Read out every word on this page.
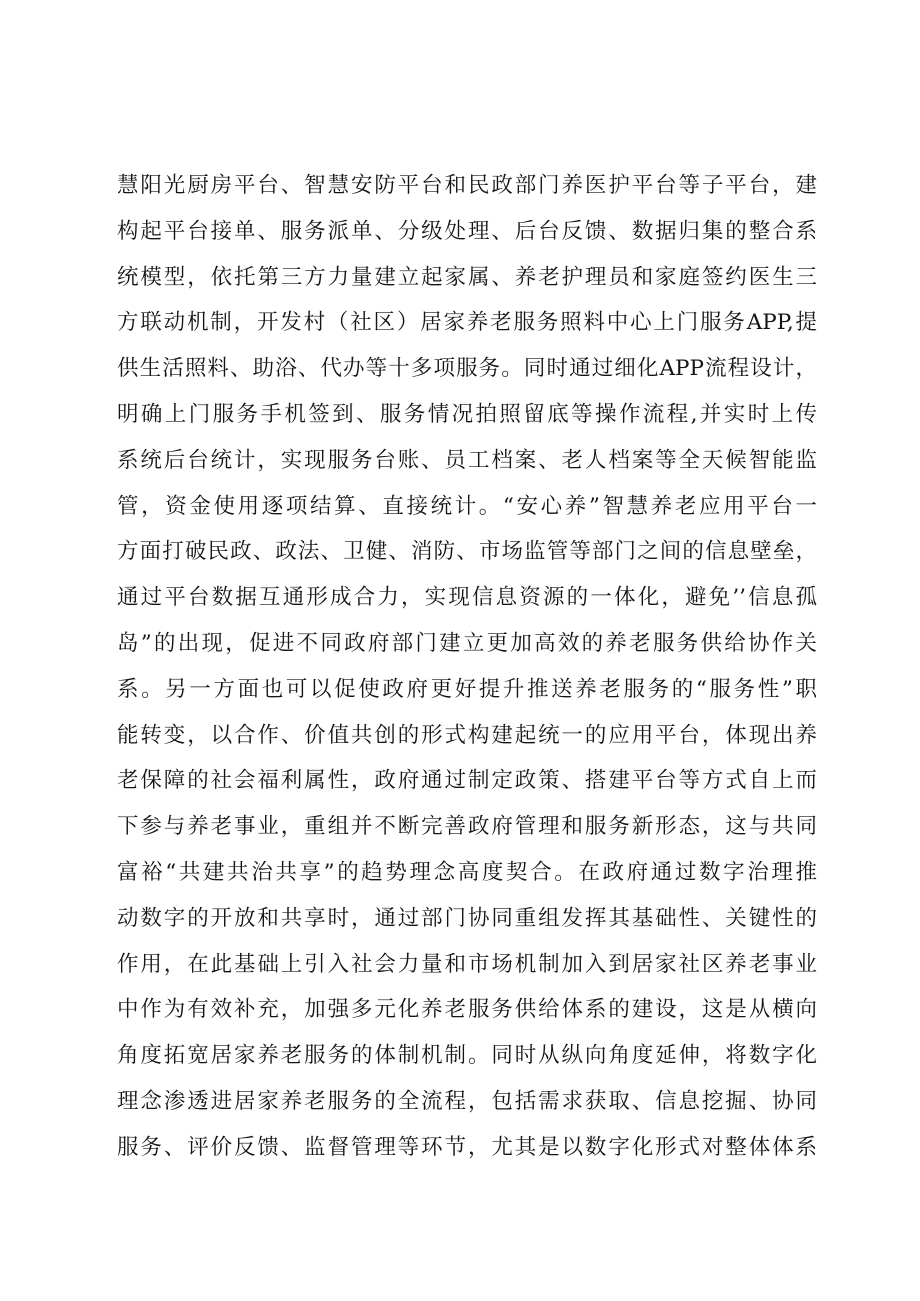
慧阳光厨房平台、智慧安防平台和民政部门养医护平台等子平台，建
构起平台接单、服务派单、分级处理、后台反馈、数据归集的整合系
统模型，依托第三方力量建立起家属、养老护理员和家庭签约医生三
方联动机制，开发村（社区）居家养老服务照料中心上门服务APP,提
供生活照料、助浴、代办等十多项服务。同时通过细化APP流程设计，
明确上门服务手机签到、服务情况拍照留底等操作流程,并实时上传
系统后台统计，实现服务台账、员工档案、老人档案等全天候智能监
管，资金使用逐项结算、直接统计。“安心养”智慧养老应用平台一
方面打破民政、政法、卫健、消防、市场监管等部门之间的信息壁垒，
通过平台数据互通形成合力，实现信息资源的一体化，避免’’信息孤
岛”的出现，促进不同政府部门建立更加高效的养老服务供给协作关
系。另一方面也可以促使政府更好提升推送养老服务的“服务性”职
能转变，以合作、价值共创的形式构建起统一的应用平台，体现出养
老保障的社会福利属性，政府通过制定政策、搭建平台等方式自上而
下参与养老事业，重组并不断完善政府管理和服务新形态，这与共同
富裕“共建共治共享”的趋势理念高度契合。在政府通过数字治理推
动数字的开放和共享时，通过部门协同重组发挥其基础性、关键性的
作用，在此基础上引入社会力量和市场机制加入到居家社区养老事业
中作为有效补充，加强多元化养老服务供给体系的建设，这是从横向
角度拓宽居家养老服务的体制机制。同时从纵向角度延伸，将数字化
理念渗透进居家养老服务的全流程，包括需求获取、信息挖掘、协同
服务、评价反馈、监督管理等环节，尤其是以数字化形式对整体体系
